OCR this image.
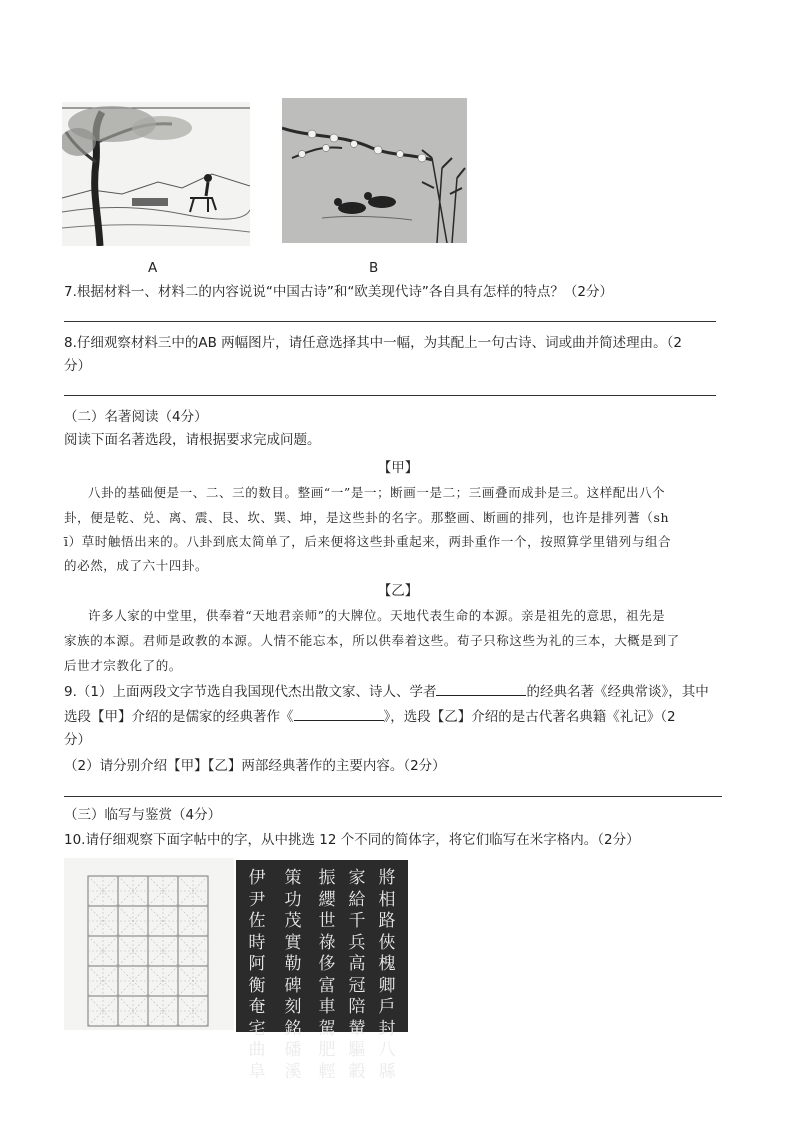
A	B
7.根据材料一、材料二的内容说说“中国古诗”和“欧美现代诗”各自具有怎样的特点？（2分）
8.仔细观察材料三中的AB 两幅图片，请任意选择其中一幅，为其配上一句古诗、词或曲并简述理由。（2
分）
（二）名著阅读（4分）
阅读下面名著选段，请根据要求完成问题。
【甲】
八卦的基础便是一、二、三的数目。整画“一”是一；断画一是二；三画叠而成卦是三。这样配出八个
卦，便是乾、兑、离、震、艮、坎、巽、坤，是这些卦的名字。那整画、断画的排列，也许是排列蓍（sh
ī）草时触悟出来的。八卦到底太简单了，后来便将这些卦重起来，两卦重作一个，按照算学里错列与组合
的必然，成了六十四卦。
【乙】
许多人家的中堂里，供奉着“天地君亲师”的大牌位。天地代表生命的本源。亲是祖先的意思，祖先是
家族的本源。君师是政教的本源。人情不能忘本，所以供奉着这些。荀子只称这些为礼的三本，大概是到了
后世才宗教化了的。
9.（1）上面两段文字节选自我国现代杰出散文家、诗人、学者	的经典名著《经典常谈》，其中
选段【甲】介绍的是儒家的经典著作《	》，选段【乙】介绍的是古代著名典籍《礼记》（2
分）
（2）请分别介绍【甲】【乙】两部经典著作的主要内容。（2分）
（三）临写与鉴赏（4分）
10.请仔细观察下面字帖中的字，从中挑选 12 个不同的简体字，将它们临写在米字格内。（2分）
將相路俠槐卿戶封八縣
家給千兵高冠陪輦驅轂
振纓世祿侈富車駕肥輕
策功茂實勒碑刻銘磻溪
伊尹佐時阿衡奄宅曲阜
